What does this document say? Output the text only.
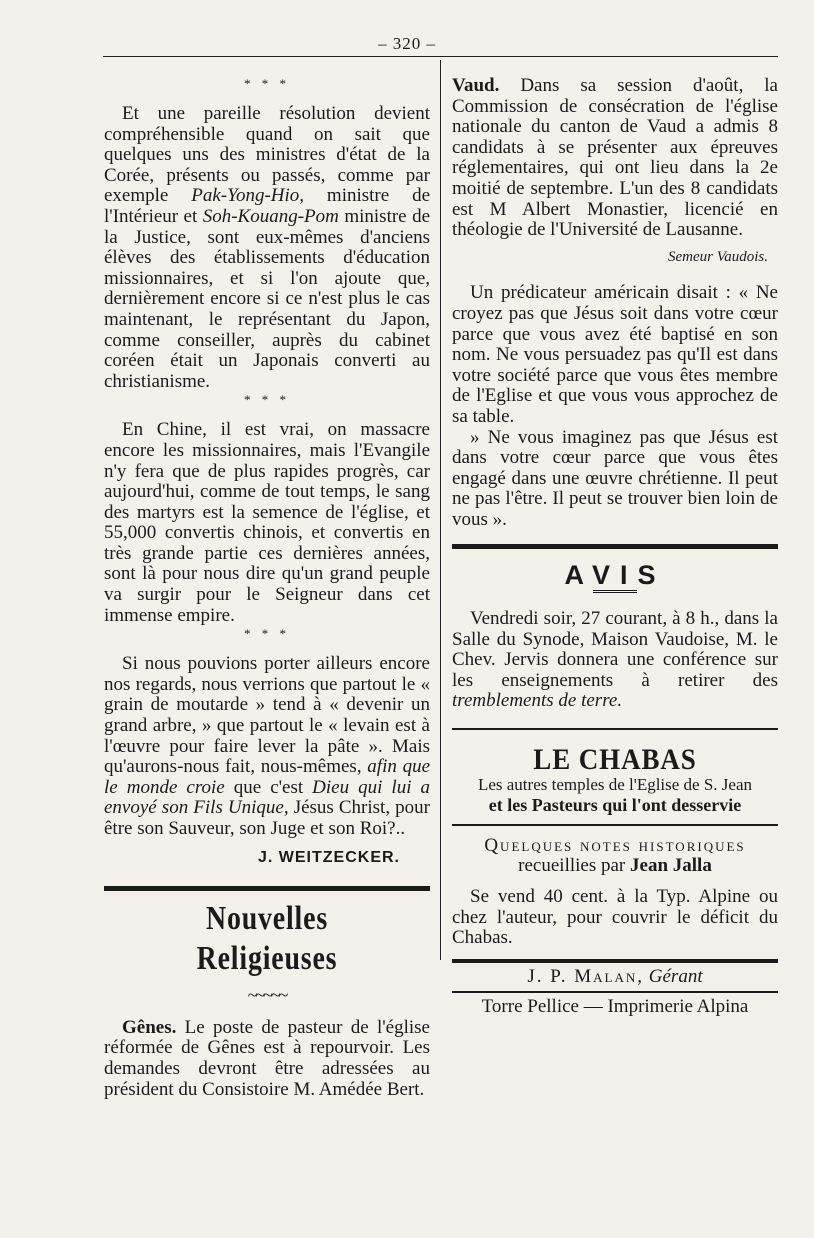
– 320 –
* * *

Et une pareille résolution devient compréhensible quand on sait que quelques uns des ministres d'état de la Corée, présents ou passés, comme par exemple Pak-Yong-Hio, ministre de l'Intérieur et Soh-Kouang-Pom ministre de la Justice, sont eux-mêmes d'anciens élèves des établissements d'éducation missionnaires, et si l'on ajoute que, dernièrement encore si ce n'est plus le cas maintenant, le représentant du Japon, comme conseiller, auprès du cabinet coréen était un Japonais converti au christianisme.

* * *

En Chine, il est vrai, on massacre encore les missionnaires, mais l'Evangile n'y fera que de plus rapides progrès, car aujourd'hui, comme de tout temps, le sang des martyrs est la semence de l'église, et 55,000 convertis chinois, et convertis en très grande partie ces dernières années, sont là pour nous dire qu'un grand peuple va surgir pour le Seigneur dans cet immense empire.

* * *

Si nous pouvions porter ailleurs encore nos regards, nous verrions que partout le « grain de moutarde » tend à « devenir un grand arbre, » que partout le « levain est à l'œuvre pour faire lever la pâte ». Mais qu'aurons-nous fait, nous-mêmes, afin que le monde croie que c'est Dieu qui lui a envoyé son Fils Unique, Jésus Christ, pour être son Sauveur, son Juge et son Roi?..

J. WEITZECKER.
Nouvelles Religieuses
~~~~~

Gênes. Le poste de pasteur de l'église réformée de Gênes est à repourvoir. Les demandes devront être adressées au président du Consistoire M. Amédée Bert.

Vaud. Dans sa session d'août, la Commission de consécration de l'église nationale du canton de Vaud a admis 8 candidats à se présenter aux épreuves réglementaires, qui ont lieu dans la 2e moitié de septembre. L'un des 8 candidats est M Albert Monastier, licencié en théologie de l'Université de Lausanne.

Semeur Vaudois.

Un prédicateur américain disait : « Ne croyez pas que Jésus soit dans votre cœur parce que vous avez été baptisé en son nom. Ne vous persuadez pas qu'Il est dans votre société parce que vous êtes membre de l'Eglise et que vous vous approchez de sa table.

» Ne vous imaginez pas que Jésus est dans votre cœur parce que vous êtes engagé dans une œuvre chrétienne. Il peut ne pas l'être. Il peut se trouver bien loin de vous ».

AVIS

Vendredi soir, 27 courant, à 8 h., dans la Salle du Synode, Maison Vaudoise, M. le Chev. Jervis donnera une conférence sur les enseignements à retirer des tremblements de terre.

LE CHABAS
Les autres temples de l'Eglise de S. Jean
et les Pasteurs qui l'ont desservie
Quelques notes historiques
recueillies par Jean Jalla

Se vend 40 cent. à la Typ. Alpine ou chez l'auteur, pour couvrir le déficit du Chabas.

J. P. Malan, Gérant
Torre Pellice — Imprimerie Alpina
